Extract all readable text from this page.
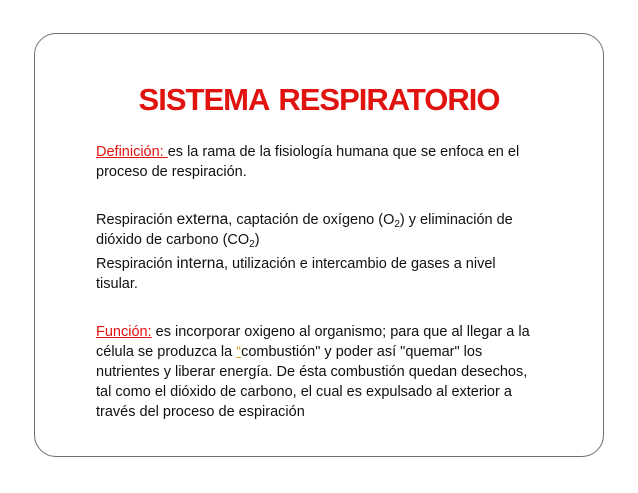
SISTEMA RESPIRATORIO
Definición: es la rama de la fisiología humana que se enfoca en el
proceso de respiración.
Respiración externa, captación de oxígeno $(O_2)$ y eliminación de
dióxido de carbono $(CO_2)$
Respiración interna, utilización e intercambio de gases a nivel
tisular.
Función: es incorporar oxigeno al organismo; para que al llegar a la
célula se produzca la “combustión" y poder así "quemar" los
nutrientes y liberar energía. De ésta combustión quedan desechos,
tal como el dióxido de carbono, el cual es expulsado al exterior a
través del proceso de espiración
